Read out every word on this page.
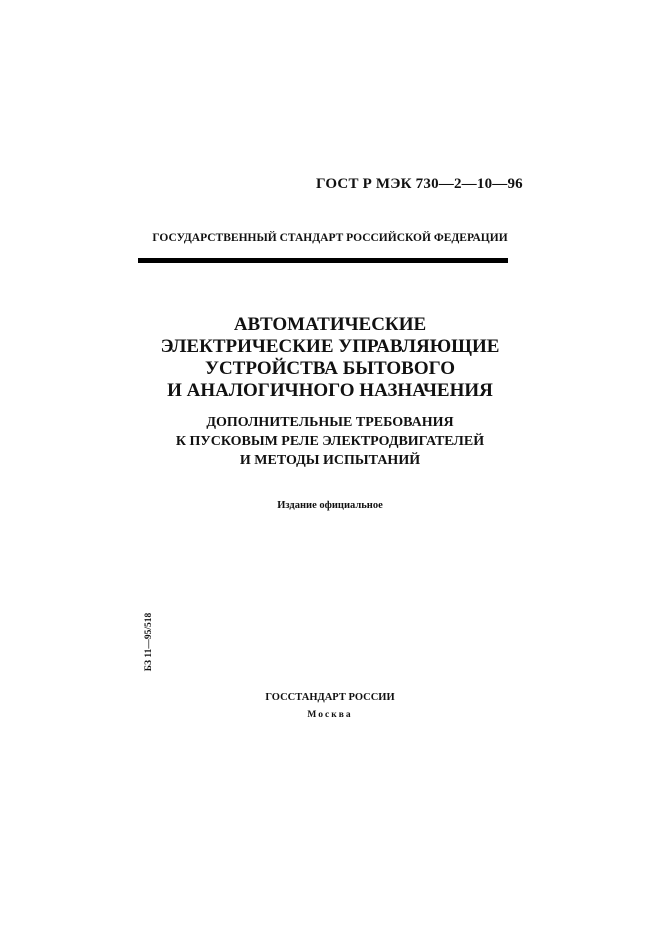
ГОСТ Р МЭК 730—2—10—96
ГОСУДАРСТВЕННЫЙ СТАНДАРТ РОССИЙСКОЙ ФЕДЕРАЦИИ
АВТОМАТИЧЕСКИЕ
ЭЛЕКТРИЧЕСКИЕ УПРАВЛЯЮЩИЕ
УСТРОЙСТВА БЫТОВОГО
И АНАЛОГИЧНОГО НАЗНАЧЕНИЯ
ДОПОЛНИТЕЛЬНЫЕ ТРЕБОВАНИЯ
К ПУСКОВЫМ РЕЛЕ ЭЛЕКТРОДВИГАТЕЛЕЙ
И МЕТОДЫ ИСПЫТАНИЙ
Издание официальное
БЗ 11—95/518
ГОССТАНДАРТ РОССИИ
Москва
